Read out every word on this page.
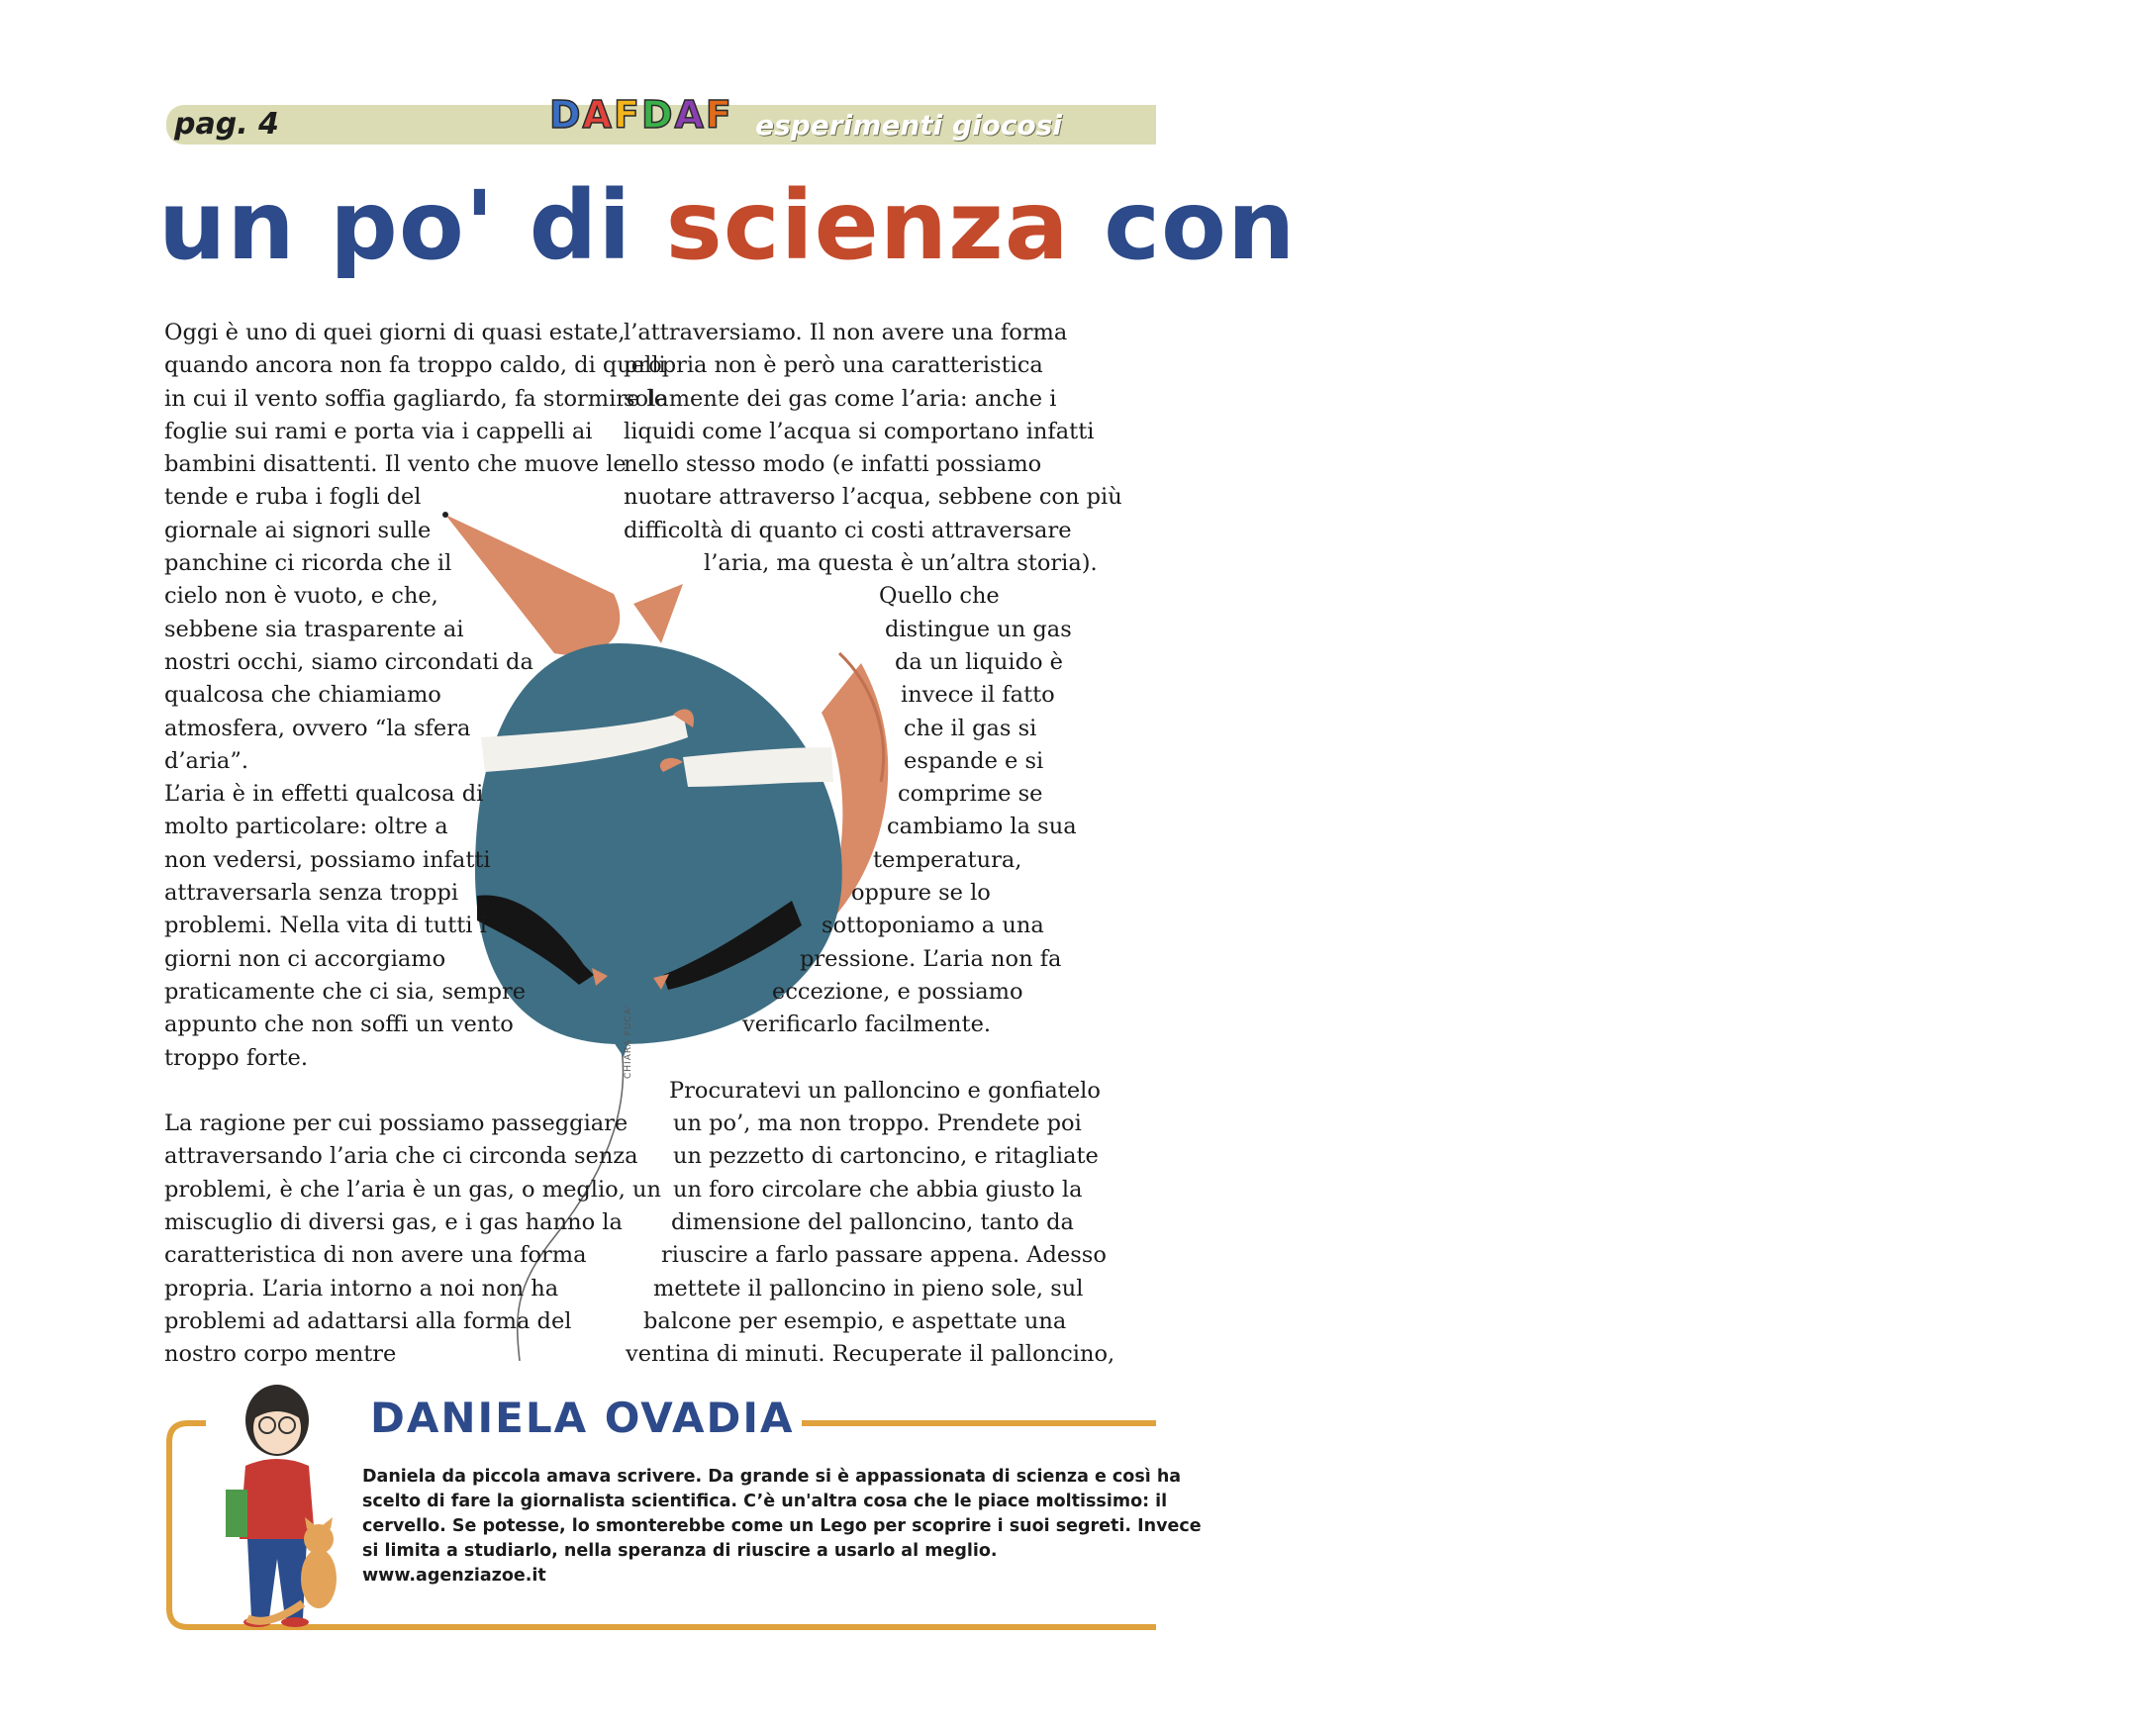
pag. 4	D A F D A F esperimenti giocosi
un po' di scienza con
CHIARA FUCA'

Oggi è uno di quei giorni di quasi estate,

quando ancora non fa troppo caldo, di quelli

in cui il vento soffia gagliardo, fa stormire le

foglie sui rami e porta via i cappelli ai

bambini disattenti. Il vento che muove le

tende e ruba i fogli del

giornale ai signori sulle

panchine ci ricorda che il

cielo non è vuoto, e che,

sebbene sia trasparente ai

nostri occhi, siamo circondati da

qualcosa che chiamiamo

atmosfera, ovvero “la sfera

d’aria”.

L’aria è in effetti qualcosa di

molto particolare: oltre a

non vedersi, possiamo infatti

attraversarla senza troppi

problemi. Nella vita di tutti i

giorni non ci accorgiamo

praticamente che ci sia, sempre

appunto che non soffi un vento

troppo forte.

La ragione per cui possiamo passeggiare

attraversando l’aria che ci circonda senza

problemi, è che l’aria è un gas, o meglio, un

miscuglio di diversi gas, e i gas hanno la

caratteristica di non avere una forma

propria. L’aria intorno a noi non ha

problemi ad adattarsi alla forma del

nostro corpo mentre

l’attraversiamo. Il non avere una forma

propria non è però una caratteristica

solamente dei gas come l’aria: anche i

liquidi come l’acqua si comportano infatti

nello stesso modo (e infatti possiamo

nuotare attraverso l’acqua, sebbene con più

difficoltà di quanto ci costi attraversare

l’aria, ma questa è un’altra storia).

Quello che

distingue un gas

da un liquido è

invece il fatto

che il gas si

espande e si

comprime se

cambiamo la sua

temperatura,

oppure se lo

sottoponiamo a una

pressione. L’aria non fa

eccezione, e possiamo

verificarlo facilmente.

Procuratevi un palloncino e gonfiatelo

un po’, ma non troppo. Prendete poi

un pezzetto di cartoncino, e ritagliate

un foro circolare che abbia giusto la

dimensione del palloncino, tanto da

riuscire a farlo passare appena. Adesso

mettete il palloncino in pieno sole, sul

balcone per esempio, e aspettate una

ventina di minuti. Recuperate il palloncino,

DANIELA OVADIA

Daniela da piccola amava scrivere. Da grande si è appassionata di scienza e così ha

scelto di fare la giornalista scientifica. C’è un'altra cosa che le piace moltissimo: il

cervello. Se potesse, lo smonterebbe come un Lego per scoprire i suoi segreti. Invece

si limita a studiarlo, nella speranza di riuscire a usarlo al meglio.

www.agenziazoe.it
